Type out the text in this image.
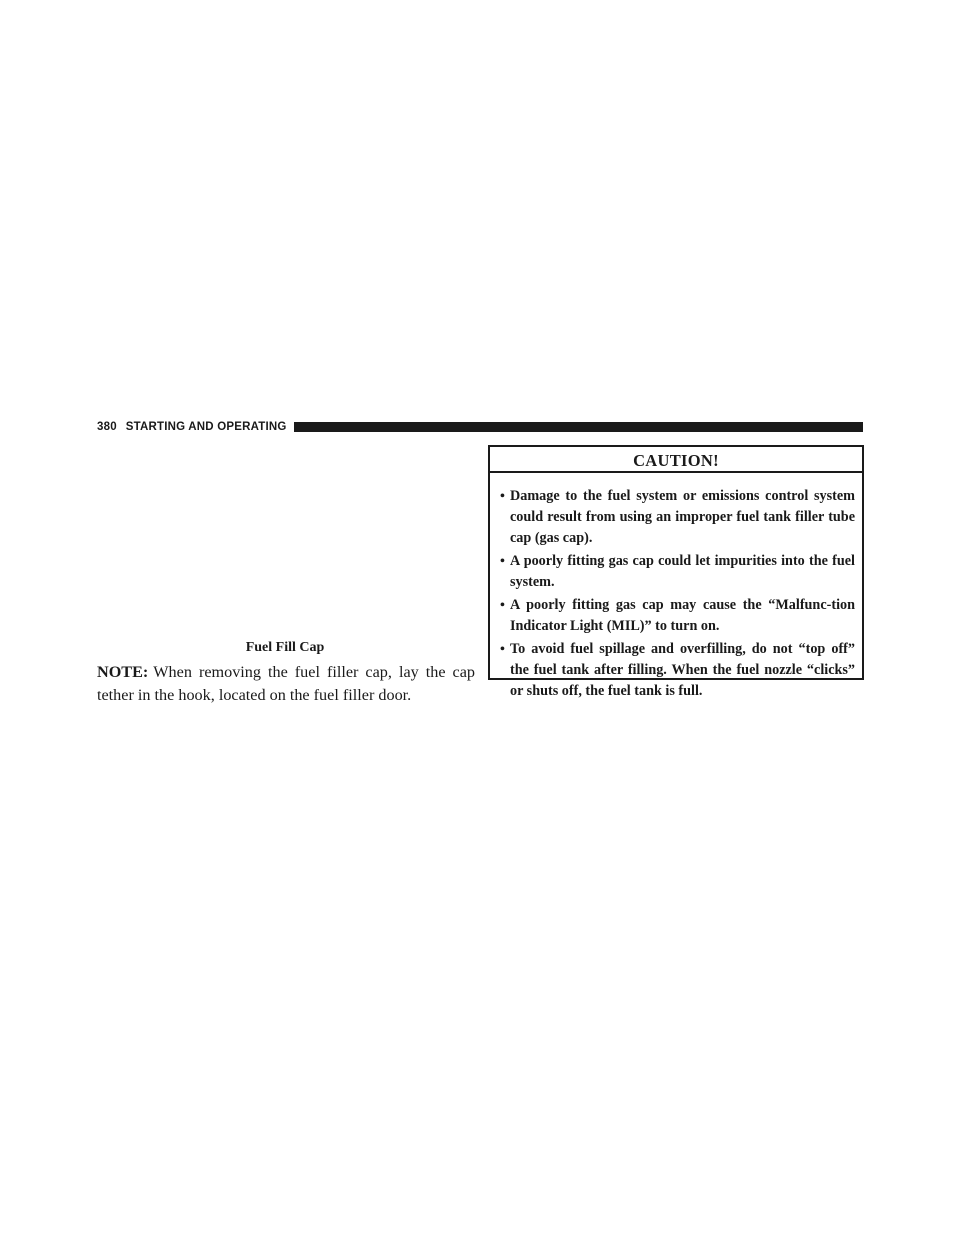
380 STARTING AND OPERATING
Fuel Fill Cap
NOTE: When removing the fuel filler cap, lay the cap tether in the hook, located on the fuel filler door.
CAUTION!
• Damage to the fuel system or emissions control system could result from using an improper fuel tank filler tube cap (gas cap).
• A poorly fitting gas cap could let impurities into the fuel system.
• A poorly fitting gas cap may cause the “Malfunc-tion Indicator Light (MIL)” to turn on.
• To avoid fuel spillage and overfilling, do not “top off” the fuel tank after filling. When the fuel nozzle “clicks” or shuts off, the fuel tank is full.
